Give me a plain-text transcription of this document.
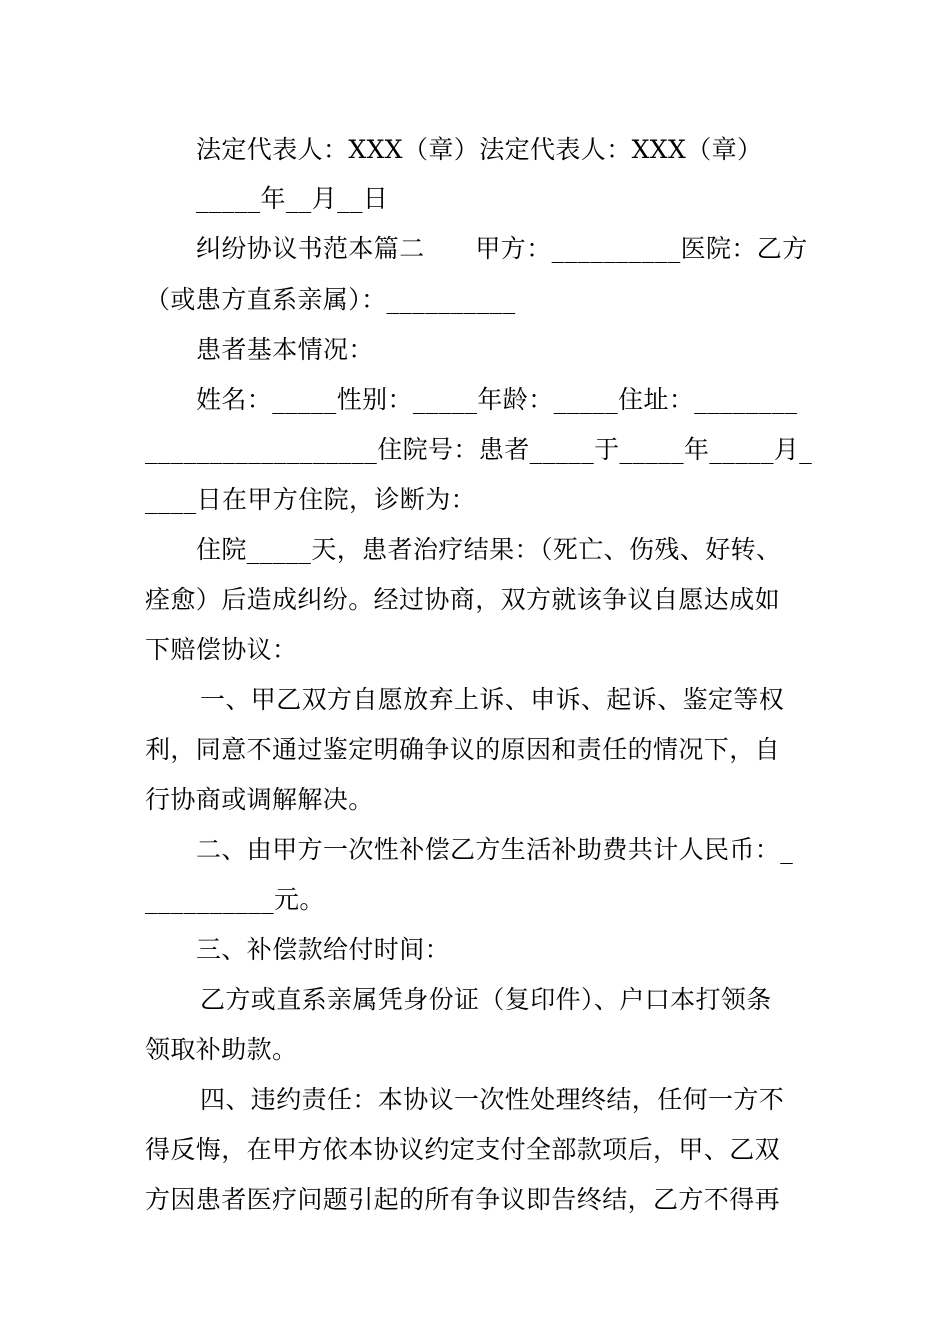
法定代表人：XXX（章）法定代表人：XXX（章）
_____年__月__日
纠纷协议书范本篇二　　甲方：__________医院：乙方
（或患方直系亲属）：__________
患者基本情况：
姓名：_____性别：_____年龄：_____住址：________
__________________住院号：患者_____于_____年_____月_
____日在甲方住院，诊断为：
住院_____天，患者治疗结果：（死亡、伤残、好转、
痊愈）后造成纠纷。经过协商，双方就该争议自愿达成如
下赔偿协议：
一、甲乙双方自愿放弃上诉、申诉、起诉、鉴定等权
利，同意不通过鉴定明确争议的原因和责任的情况下，自
行协商或调解解决。
二、由甲方一次性补偿乙方生活补助费共计人民币：_
__________元。
三、补偿款给付时间：
乙方或直系亲属凭身份证（复印件）、户口本打领条
领取补助款。
四、违约责任：本协议一次性处理终结，任何一方不
得反悔，在甲方依本协议约定支付全部款项后，甲、乙双
方因患者医疗问题引起的所有争议即告终结，乙方不得再
